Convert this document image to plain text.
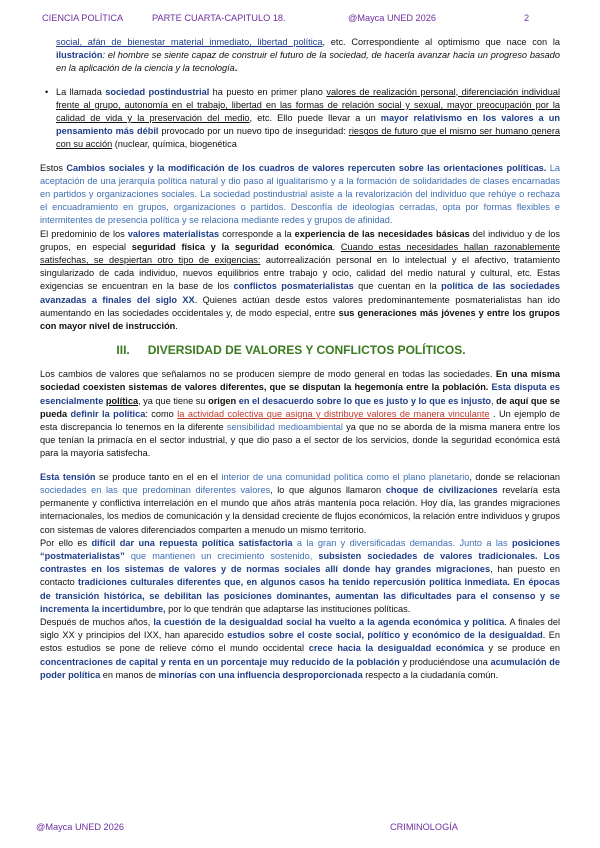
CIENCIA POLÍTICA	PARTE CUARTA-CAPITULO 18.	@Mayca UNED 2026	2

social, afán de bienestar material inmediato, libertad política, etc. Correspondiente al optimismo que nace con la ilustración: el hombre se siente capaz de construir el futuro de la sociedad, de hacerla avanzar hacia un progreso basado en la aplicación de la ciencia y la tecnología.

• La llamada sociedad postindustrial ha puesto en primer plano valores de realización personal, diferenciación individual frente al grupo, autonomía en el trabajo, libertad en las formas de relación social y sexual, mayor preocupación por la calidad de vida y la preservación del medio, etc. Ello puede llevar a un mayor relativismo en los valores a un pensamiento más débil provocado por un nuevo tipo de inseguridad: riesgos de futuro que el mismo ser humano genera con su acción (nuclear, química, biogenética

Estos Cambios sociales y la modificación de los cuadros de valores repercuten sobre las orientaciones políticas. La aceptación de una jerarquía política natural y dio paso al igualitarismo y a la formación de solidaridades de clases encarnadas en partidos y organizaciones sociales. La sociedad postindustrial asiste a la revalorización del individuo que rehúye o rechaza el encuadramiento en grupos, organizaciones o partidos. Desconfía de ideologías cerradas, opta por formas flexibles e intermitentes de presencia política y se relaciona mediante redes y grupos de afinidad.

El predominio de los valores materialistas corresponde a la experiencia de las necesidades básicas del individuo y de los grupos, en especial seguridad física y la seguridad económica. Cuando estas necesidades hallan razonablemente satisfechas, se despiertan otro tipo de exigencias: autorrealización personal en lo intelectual y el afectivo, tratamiento singularizado de cada individuo, nuevos equilibrios entre trabajo y ocio, calidad del medio natural y cultural, etc. Estas exigencias se encuentran en la base de los conflictos posmaterialistas que cuentan en la política de las sociedades avanzadas a finales del siglo XX. Quienes actúan desde estos valores predominantemente posmaterialistas han ido aumentando en las sociedades occidentales y, de modo especial, entre sus generaciones más jóvenes y entre los grupos con mayor nivel de instrucción.

III. DIVERSIDAD DE VALORES Y CONFLICTOS POLÍTICOS.

Los cambios de valores que señalamos no se producen siempre de modo general en todas las sociedades. En una misma sociedad coexisten sistemas de valores diferentes, que se disputan la hegemonía entre la población. Esta disputa es esencialmente política, ya que tiene su origen en el desacuerdo sobre lo que es justo y lo que es injusto, de aquí que se pueda definir la política: como la actividad colectiva que asigna y distribuye valores de manera vinculante . Un ejemplo de esta discrepancia lo tenemos en la diferente sensibilidad medioambiental ya que no se aborda de la misma manera entre los que tenían la primacía en el sector industrial, y que dio paso a el sector de los servicios, donde la seguridad económica está para la mayoría satisfecha.

Esta tensión se produce tanto en el en el interior de una comunidad política como el plano planetario, donde se relacionan sociedades en las que predominan diferentes valores, lo que algunos llamaron choque de civilizaciones revelaría esta permanente y conflictiva interrelación en el mundo que años atrás mantenía poca relación. Hoy día, las grandes migraciones internacionales, los medios de comunicación y la densidad creciente de flujos económicos, la relación entre individuos y grupos con sistemas de valores diferenciados comparten a menudo un mismo territorio.

Por ello es difícil dar una repuesta política satisfactoria a la gran y diversificadas demandas. Junto a las posiciones “postmaterialistas” que mantienen un crecimiento sostenido, subsisten sociedades de valores tradicionales. Los contrastes en los sistemas de valores y de normas sociales allí donde hay grandes migraciones, han puesto en contacto tradiciones culturales diferentes que, en algunos casos ha tenido repercusión política inmediata. En épocas de transición histórica, se debilitan las posiciones dominantes, aumentan las dificultades para el consenso y se incrementa la incertidumbre, por lo que tendrán que adaptarse las instituciones políticas.

Después de muchos años, la cuestión de la desigualdad social ha vuelto a la agenda económica y política. A finales del siglo XX y principios del IXX, han aparecido estudios sobre el coste social, político y económico de la desigualdad. En estos estudios se pone de relieve cómo el mundo occidental crece hacia la desigualdad económica y se produce en concentraciones de capital y renta en un porcentaje muy reducido de la población y produciéndose una acumulación de poder política en manos de minorías con una influencia desproporcionada respecto a la ciudadanía común.

@Mayca UNED 2026	CRIMINOLOGÍA
